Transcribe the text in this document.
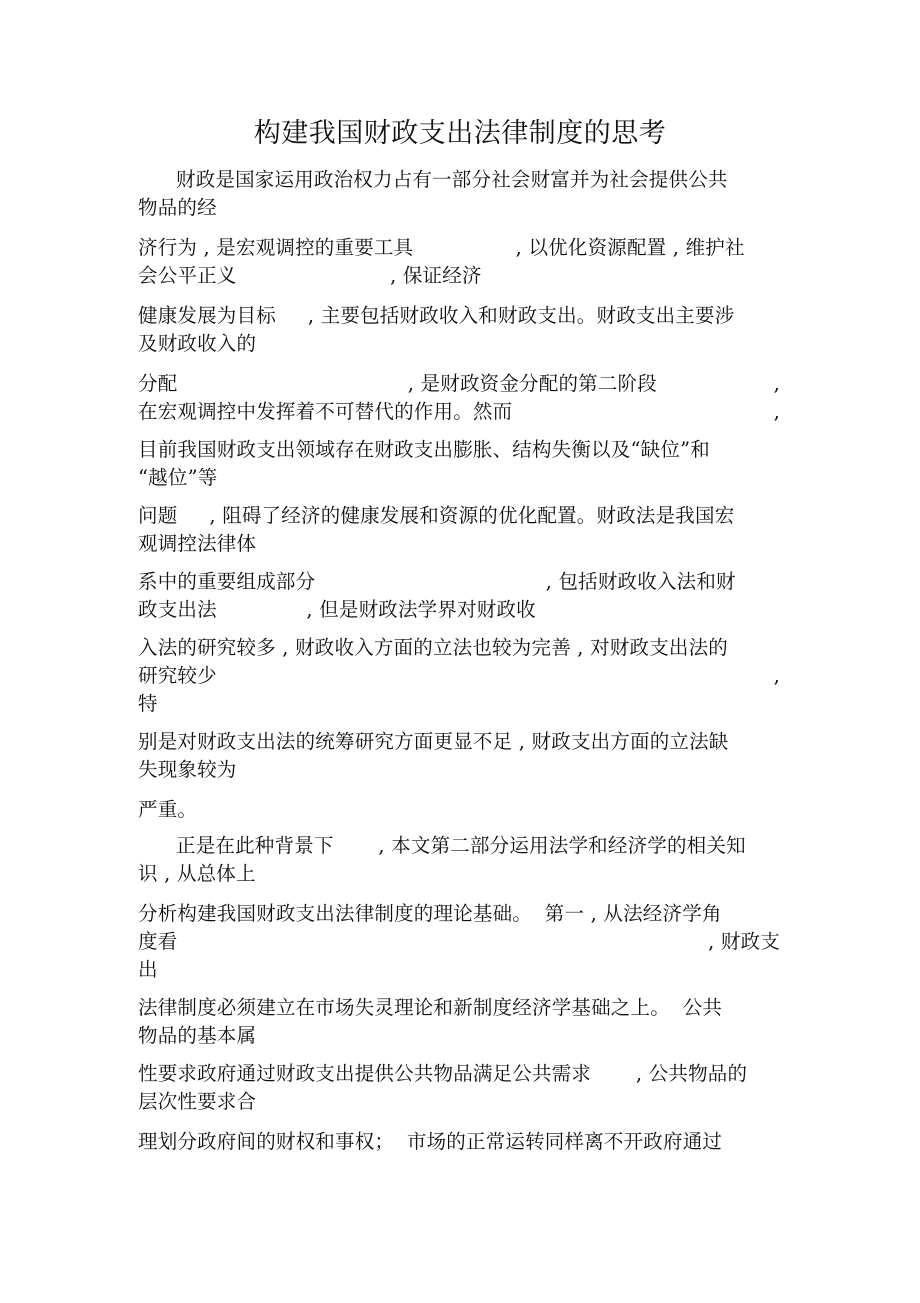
构建我国财政支出法律制度的思考
财政是国家运用政治权力占有一部分社会财富并为社会提供公共
物品的经
济行为 , 是宏观调控的重要工具                , 以优化资源配置 , 维护社
会公平正义                        , 保证经济
健康发展为目标     , 主要包括财政收入和财政支出。财政支出主要涉
及财政收入的
分配                                    , 是财政资金分配的第二阶段	,
在宏观调控中发挥着不可替代的作用。然而	,
目前我国财政支出领域存在财政支出膨胀、结构失衡以及“缺位”和
“越位”等
问题     , 阻碍了经济的健康发展和资源的优化配置。财政法是我国宏
观调控法律体
系中的重要组成部分                                    , 包括财政收入法和财
政支出法              , 但是财政法学界对财政收
入法的研究较多 , 财政收入方面的立法也较为完善 , 对财政支出法的
研究较少	,
特
别是对财政支出法的统筹研究方面更显不足 , 财政支出方面的立法缺
失现象较为
严重。
正是在此种背景下       , 本文第二部分运用法学和经济学的相关知
识 , 从总体上
分析构建我国财政支出法律制度的理论基础。  第一 , 从法经济学角
度看	, 财政支
出
法律制度必须建立在市场失灵理论和新制度经济学基础之上。  公共
物品的基本属
性要求政府通过财政支出提供公共物品满足公共需求       , 公共物品的
层次性要求合
理划分政府间的财权和事权；  市场的正常运转同样离不开政府通过
